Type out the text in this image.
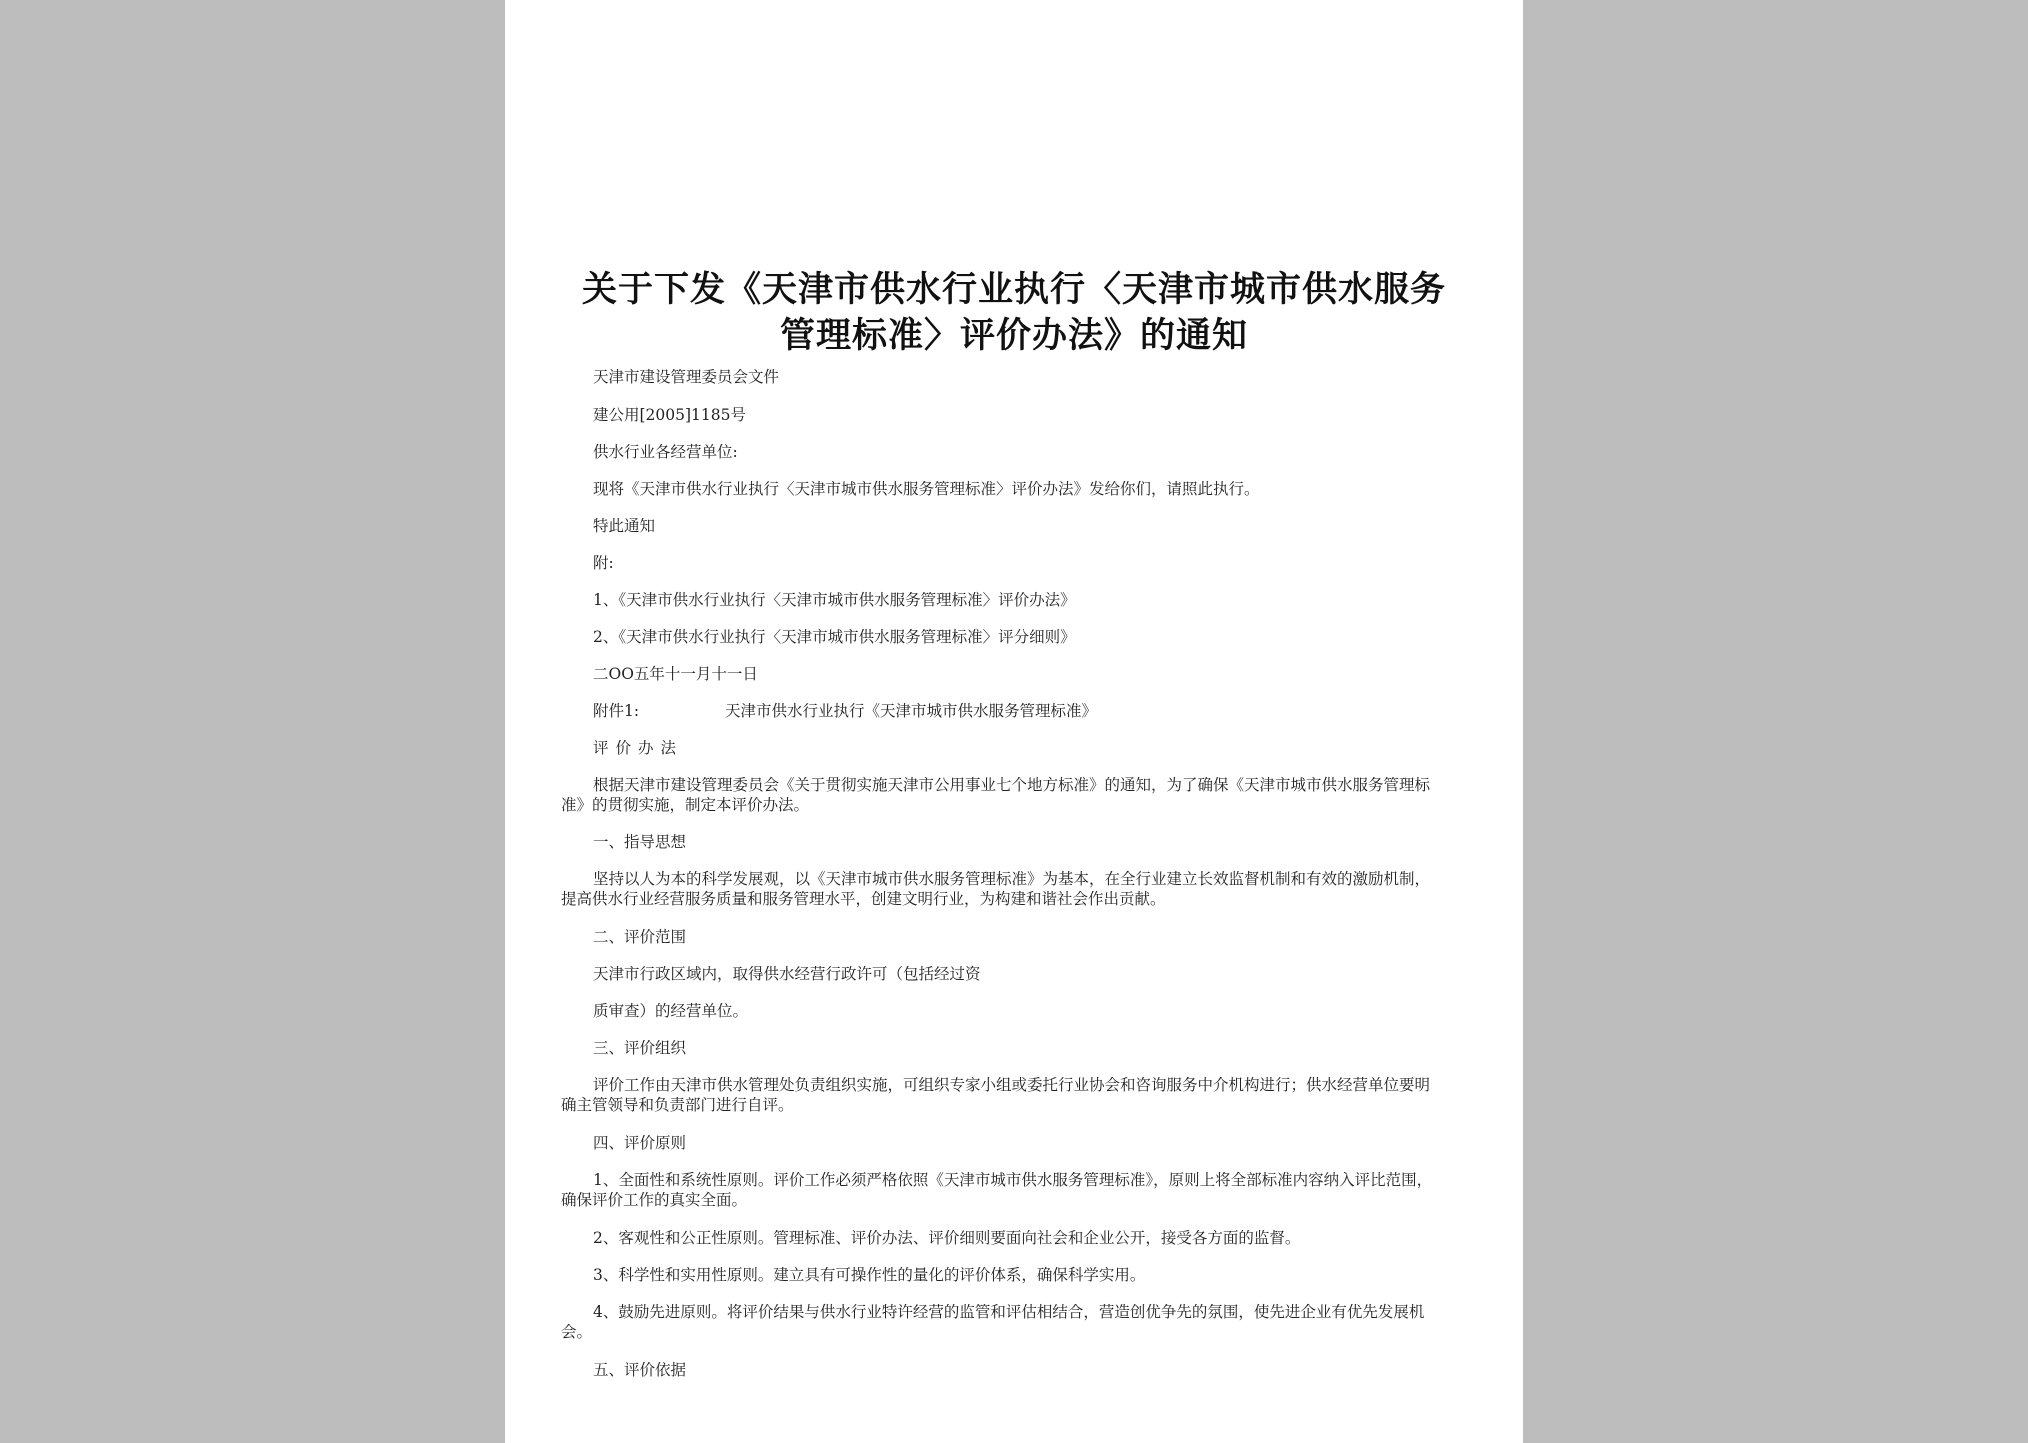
关于下发《天津市供水行业执行〈天津市城市供水服务
管理标准〉评价办法》的通知
天津市建设管理委员会文件
建公用[2005]1185号
供水行业各经营单位:
现将《天津市供水行业执行〈天津市城市供水服务管理标准〉评价办法》发给你们，请照此执行。
特此通知
附:
1、《天津市供水行业执行〈天津市城市供水服务管理标准〉评价办法》
2、《天津市供水行业执行〈天津市城市供水服务管理标准〉评分细则》
二OO五年十一月十一日
附件1:	天津市供水行业执行《天津市城市供水服务管理标准》
评价办法
根据天津市建设管理委员会《关于贯彻实施天津市公用事业七个地方标准》的通知，为了确保《天津市城市供水服务管理标准》的贯彻实施，制定本评价办法。
一、指导思想
坚持以人为本的科学发展观，以《天津市城市供水服务管理标准》为基本，在全行业建立长效监督机制和有效的激励机制，提高供水行业经营服务质量和服务管理水平，创建文明行业，为构建和谐社会作出贡献。
二、评价范围
天津市行政区域内，取得供水经营行政许可（包括经过资
质审查）的经营单位。
三、评价组织
评价工作由天津市供水管理处负责组织实施，可组织专家小组或委托行业协会和咨询服务中介机构进行；供水经营单位要明确主管领导和负责部门进行自评。
四、评价原则
1、全面性和系统性原则。评价工作必须严格依照《天津市城市供水服务管理标准》，原则上将全部标准内容纳入评比范围，确保评价工作的真实全面。
2、客观性和公正性原则。管理标准、评价办法、评价细则要面向社会和企业公开，接受各方面的监督。
3、科学性和实用性原则。建立具有可操作性的量化的评价体系，确保科学实用。
4、鼓励先进原则。将评价结果与供水行业特许经营的监管和评估相结合，营造创优争先的氛围，使先进企业有优先发展机会。
五、评价依据
